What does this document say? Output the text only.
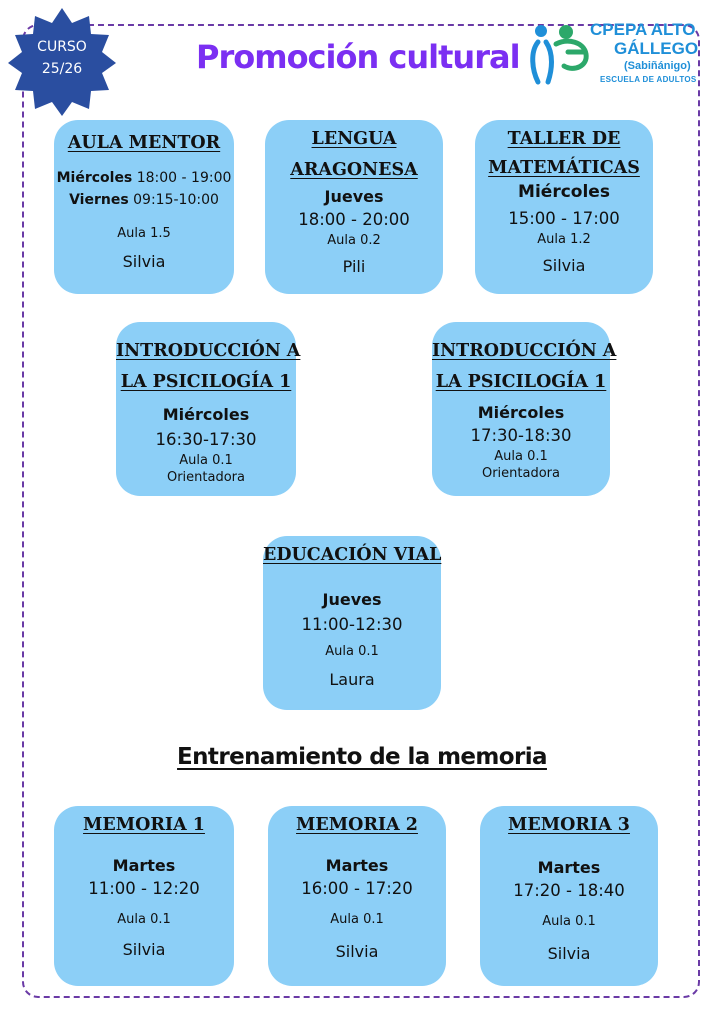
CURSO
25/26	Promoción cultural
CPEPA ALTO
GÁLLEGO
(Sabiñánigo)
ESCUELA DE ADULTOS
AULA MENTOR
Miércoles 18:00 - 19:00
Viernes 09:15-10:00
Aula 1.5
Silvia
LENGUA
ARAGONESA
Jueves
18:00 - 20:00
Aula 0.2
Pili
TALLER DE
MATEMÁTICAS
Miércoles
15:00 - 17:00
Aula 1.2
Silvia
INTRODUCCIÓN A
LA PSICILOGÍA 1
Miércoles
16:30-17:30
Aula 0.1
Orientadora
INTRODUCCIÓN A
LA PSICILOGÍA 1
Miércoles
17:30-18:30
Aula 0.1
Orientadora
EDUCACIÓN VIAL
Jueves
11:00-12:30
Aula 0.1
Laura
Entrenamiento de la memoria
MEMORIA 1
Martes
11:00 - 12:20
Aula 0.1
Silvia
MEMORIA 2
Martes
16:00 - 17:20
Aula 0.1
Silvia
MEMORIA 3
Martes
17:20 - 18:40
Aula 0.1
Silvia
